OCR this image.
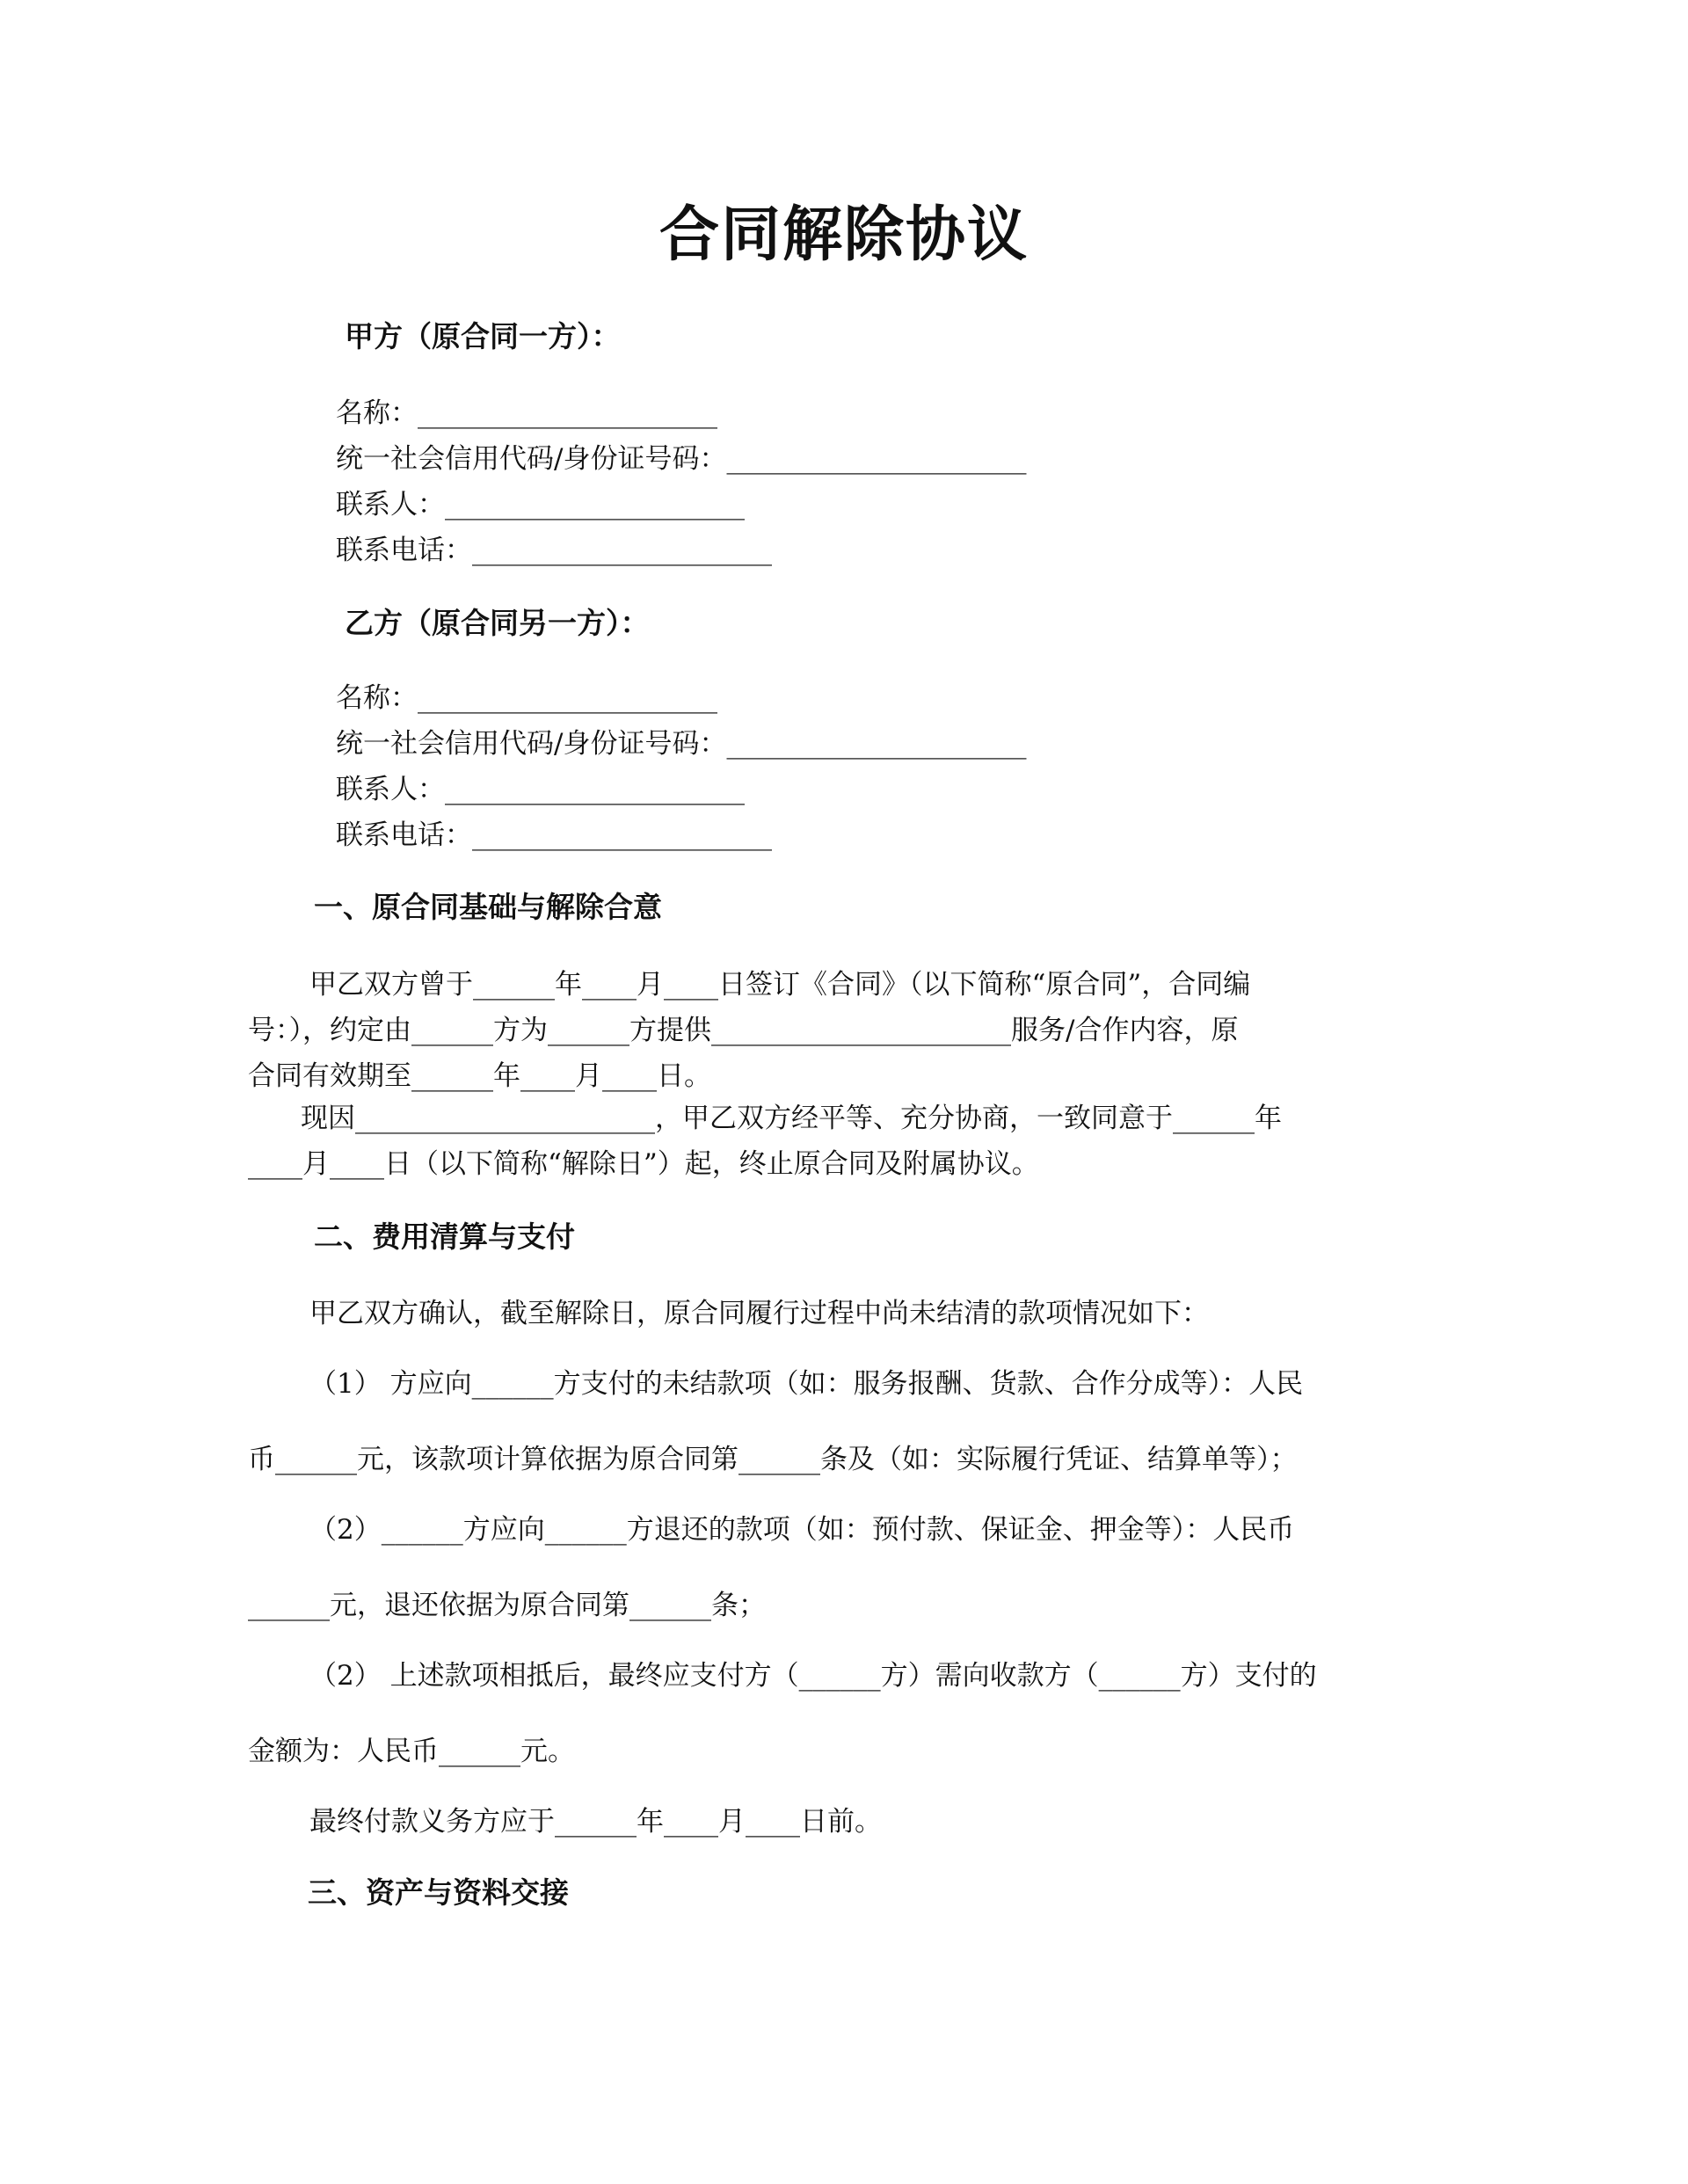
合同解除协议
甲方（原合同一方）：
名称：______________________
统一社会信用代码/身份证号码：______________________
联系人：______________________
联系电话：______________________
乙方（原合同另一方）：
名称：______________________
统一社会信用代码/身份证号码：______________________
联系人：______________________
联系电话：______________________
一、原合同基础与解除合意
甲乙双方曾于______年____月____日签订《合同》（以下简称“原合同”，合同编
号：），约定由______方为______方提供______________________服务/合作内容，原
合同有效期至______年____月____日。
现因______________________，甲乙双方经平等、充分协商，一致同意于______年
____月____日（以下简称“解除日”）起，终止原合同及附属协议。
二、费用清算与支付
甲乙双方确认，截至解除日，原合同履行过程中尚未结清的款项情况如下：
（1） 方应向______方支付的未结款项（如：服务报酬、货款、合作分成等）：人民
币______元，该款项计算依据为原合同第______条及（如：实际履行凭证、结算单等）；
（2）______方应向______方退还的款项（如：预付款、保证金、押金等）：人民币
______元，退还依据为原合同第______条；
（2） 上述款项相抵后，最终应支付方（______方）需向收款方（______方）支付的
金额为：人民币______元。
最终付款义务方应于______年____月____日前。
三、资产与资料交接
